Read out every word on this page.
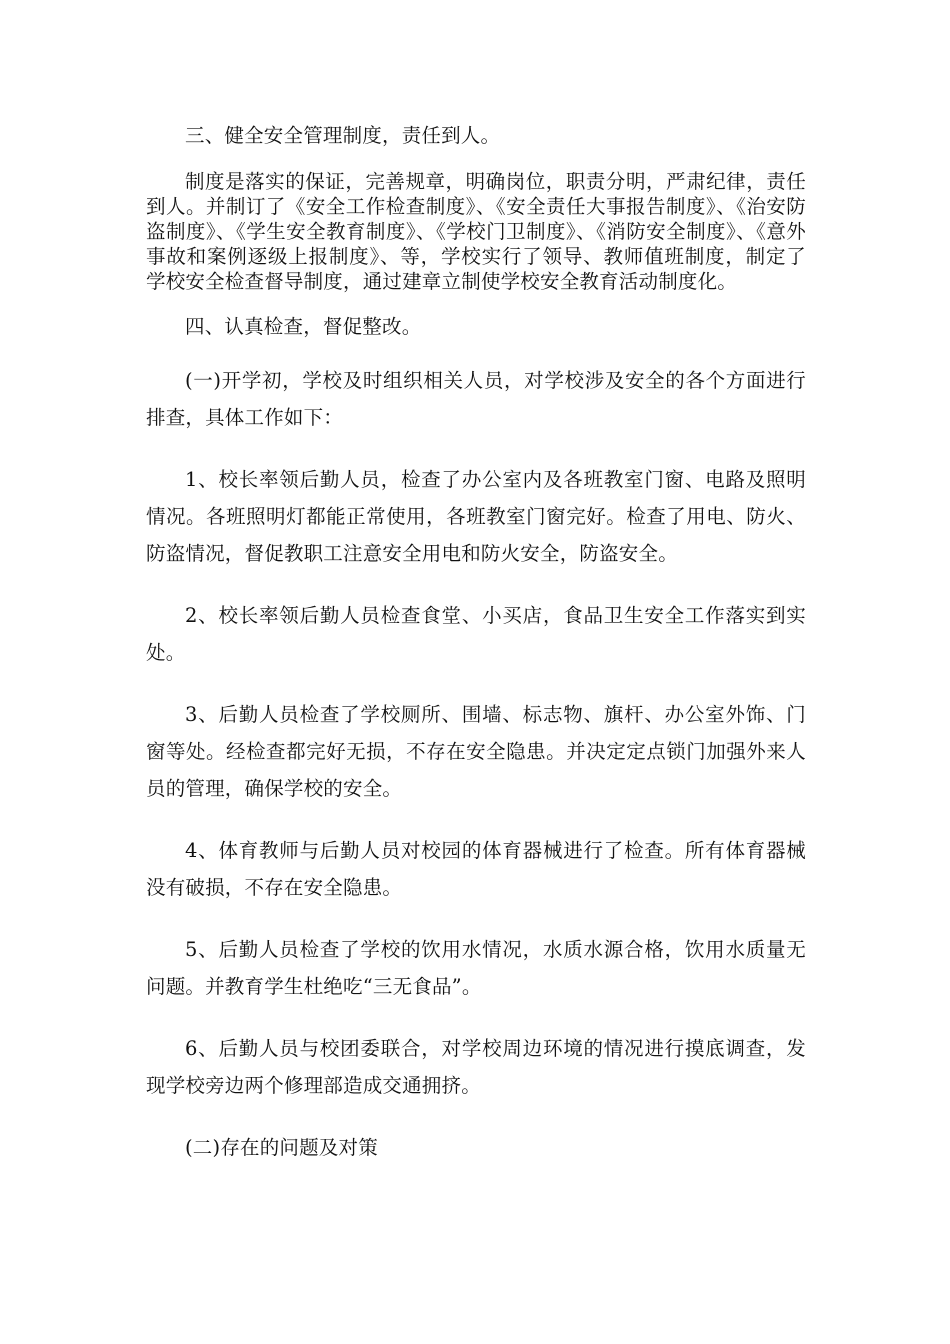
三、健全安全管理制度，责任到人。

制度是落实的保证，完善规章，明确岗位，职责分明，严肃纪律，责任到人。并制订了《安全工作检查制度》、《安全责任大事报告制度》、《治安防盗制度》、《学生安全教育制度》、《学校门卫制度》、《消防安全制度》、《意外事故和案例逐级上报制度》、等，学校实行了领导、教师值班制度，制定了学校安全检查督导制度，通过建章立制使学校安全教育活动制度化。

四、认真检查，督促整改。

(一)开学初，学校及时组织相关人员，对学校涉及安全的各个方面进行排查，具体工作如下：

1、校长率领后勤人员，检查了办公室内及各班教室门窗、电路及照明情况。各班照明灯都能正常使用，各班教室门窗完好。检查了用电、防火、防盗情况，督促教职工注意安全用电和防火安全，防盗安全。

2、校长率领后勤人员检查食堂、小买店，食品卫生安全工作落实到实处。

3、后勤人员检查了学校厕所、围墙、标志物、旗杆、办公室外饰、门窗等处。经检查都完好无损，不存在安全隐患。并决定定点锁门加强外来人员的管理，确保学校的安全。

4、体育教师与后勤人员对校园的体育器械进行了检查。所有体育器械没有破损，不存在安全隐患。

5、后勤人员检查了学校的饮用水情况，水质水源合格，饮用水质量无问题。并教育学生杜绝吃“三无食品”。

6、后勤人员与校团委联合，对学校周边环境的情况进行摸底调查，发现学校旁边两个修理部造成交通拥挤。

(二)存在的问题及对策
